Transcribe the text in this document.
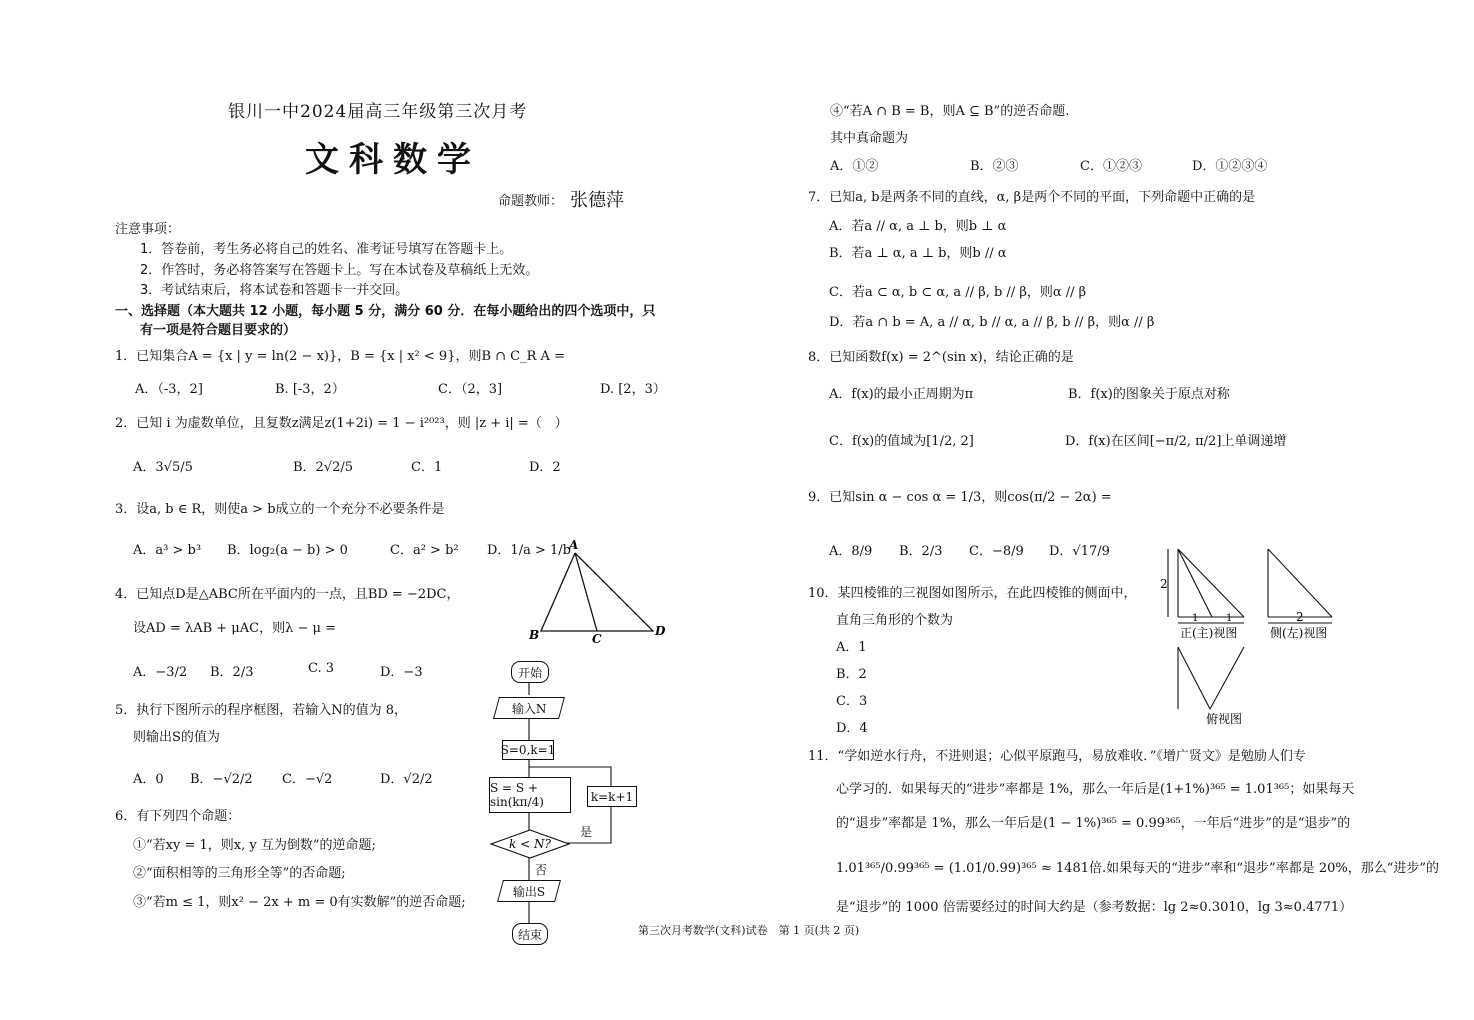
银川一中2024届高三年级第三次月考
文科数学
命题教师： 张德萍
注意事项：
1．答卷前，考生务必将自己的姓名、准考证号填写在答题卡上。
2．作答时，务必将答案写在答题卡上。写在本试卷及草稿纸上无效。
3．考试结束后，将本试卷和答题卡一并交回。
一、选择题（本大题共 12 小题，每小题 5 分，满分 60 分．在每小题给出的四个选项中，只
有一项是符合题目要求的）
1．已知集合A = {x | y = ln(2 − x)}，B = {x | x² < 9}，则B ∩ C_R A =
A．（-3，2]	B. [-3，2）	C．（2，3]	D. [2，3）
2．已知 i 为虚数单位，且复数z满足z(1+2i) = 1 − i²⁰²³，则 |z + i| =（　）
A．3√5/5	B．2√2/5	C．1	D．2
3．设a, b ∈ R，则使a > b成立的一个充分不必要条件是
A．a³ > b³ B．log₂(a − b) > 0	C．a² > b² D．1/a > 1/b
4．已知点D是△ABC所在平面内的一点，且BD = −2DC，
设AD = λAB + μAC，则λ − μ =
A．−3/2 B．2/3	C. 3	D．−3
A
B	C
D
5．执行下图所示的程序框图，若输入N的值为 8，
则输出S的值为
A．0 B．−√2/2 C．−√2	D．√2/2
开始
输入N
S=0,k=1
S = S + sin(kπ/4)	k=k+1
k < N?
是
否
输出S
结束
6．有下列四个命题：
①“若xy = 1，则x, y 互为倒数”的逆命题;
②“面积相等的三角形全等”的否命题;
③“若m ≤ 1，则x² − 2x + m = 0有实数解”的逆否命题;
④“若A ∩ B = B，则A ⊆ B”的逆否命题.
其中真命题为
A．①②	B．②③	C．①②③	D．①②③④
7．已知a, b是两条不同的直线，α, β是两个不同的平面，下列命题中正确的是
A．若a // α, a ⊥ b，则b ⊥ α
B．若a ⊥ α, a ⊥ b，则b // α
C．若a ⊂ α, b ⊂ α, a // β, b // β，则α // β
D．若a ∩ b = A, a // α, b // α, a // β, b // β，则α // β
8．已知函数f(x) = 2^(sin x)，结论正确的是
A．f(x)的最小正周期为π	B．f(x)的图象关于原点对称
C．f(x)的值域为[1/2, 2]	D．f(x)在区间[−π/2, π/2]上单调递增
9．已知sin α − cos α = 1/3，则cos(π/2 − 2α) =
A．8/9 B．2/3 C．−8/9 D．√17/9
10．某四棱锥的三视图如图所示，在此四棱锥的侧面中，
直角三角形的个数为
A．1
B．2
C．3
D．4
2
1	1	2
正(主)视图	侧(左)视图
俯视图
11．“学如逆水行舟，不进则退；心似平原跑马，易放难收．”《增广贤文》是勉励人们专
心学习的．如果每天的“进步”率都是 1%，那么一年后是(1+1%)³⁶⁵ = 1.01³⁶⁵；如果每天
的“退步”率都是 1%，那么一年后是(1 − 1%)³⁶⁵ = 0.99³⁶⁵，一年后“进步”的是“退步”的
1.01³⁶⁵/0.99³⁶⁵ = (1.01/0.99)³⁶⁵ ≈ 1481倍.如果每天的“进步”率和“退步”率都是 20%，那么“进步”的
是“退步”的 1000 倍需要经过的时间大约是（参考数据：lg 2≈0.3010，lg 3≈0.4771）
第三次月考数学(文科)试卷　第 1 页(共 2 页)
